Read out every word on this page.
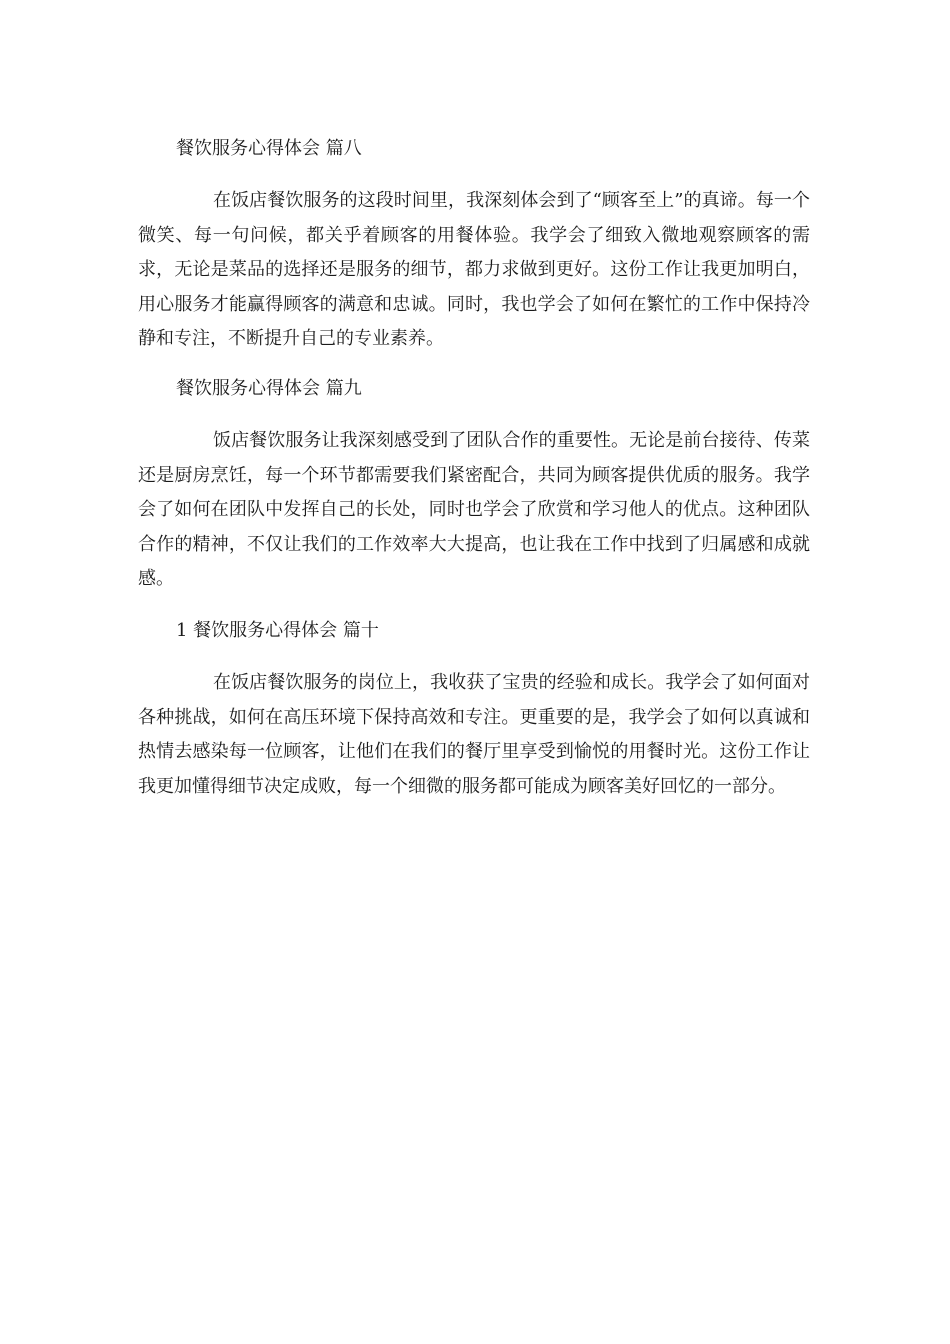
餐饮服务心得体会 篇八

在饭店餐饮服务的这段时间里，我深刻体会到了“顾客至上”的真谛。每一个微笑、每一句问候，都关乎着顾客的用餐体验。我学会了细致入微地观察顾客的需求，无论是菜品的选择还是服务的细节，都力求做到更好。这份工作让我更加明白，用心服务才能赢得顾客的满意和忠诚。同时，我也学会了如何在繁忙的工作中保持冷静和专注，不断提升自己的专业素养。

餐饮服务心得体会 篇九

饭店餐饮服务让我深刻感受到了团队合作的重要性。无论是前台接待、传菜还是厨房烹饪，每一个环节都需要我们紧密配合，共同为顾客提供优质的服务。我学会了如何在团队中发挥自己的长处，同时也学会了欣赏和学习他人的优点。这种团队合作的精神，不仅让我们的工作效率大大提高，也让我在工作中找到了归属感和成就感。

1 餐饮服务心得体会 篇十

在饭店餐饮服务的岗位上，我收获了宝贵的经验和成长。我学会了如何面对各种挑战，如何在高压环境下保持高效和专注。更重要的是，我学会了如何以真诚和热情去感染每一位顾客，让他们在我们的餐厅里享受到愉悦的用餐时光。这份工作让我更加懂得细节决定成败，每一个细微的服务都可能成为顾客美好回忆的一部分。
